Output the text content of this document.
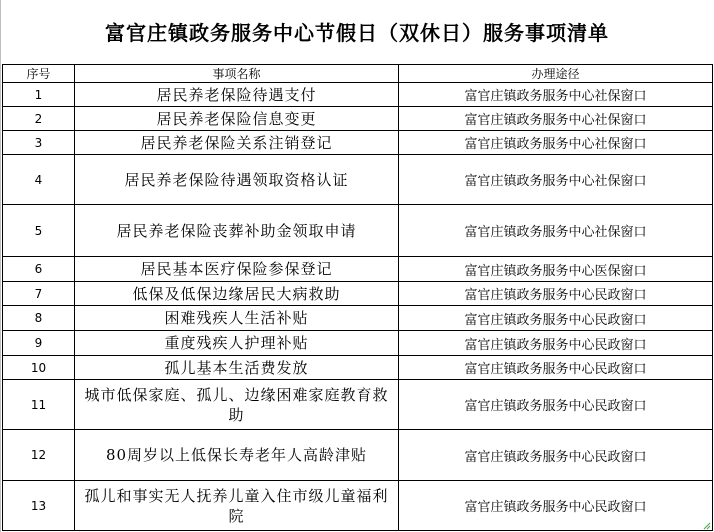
富官庄镇政务服务中心节假日（双休日）服务事项清单
序号	事项名称	办理途径
1	居民养老保险待遇支付	富官庄镇政务服务中心社保窗口
2	居民养老保险信息变更	富官庄镇政务服务中心社保窗口
3	居民养老保险关系注销登记	富官庄镇政务服务中心社保窗口
4	居民养老保险待遇领取资格认证	富官庄镇政务服务中心社保窗口
5	居民养老保险丧葬补助金领取申请	富官庄镇政务服务中心社保窗口
6	居民基本医疗保险参保登记	富官庄镇政务服务中心医保窗口
7	低保及低保边缘居民大病救助	富官庄镇政务服务中心民政窗口
8	困难残疾人生活补贴	富官庄镇政务服务中心民政窗口
9	重度残疾人护理补贴	富官庄镇政务服务中心民政窗口
10	孤儿基本生活费发放	富官庄镇政务服务中心民政窗口
11	城市低保家庭、孤儿、边缘困难家庭教育救助	富官庄镇政务服务中心民政窗口
12	80周岁以上低保长寿老年人高龄津贴	富官庄镇政务服务中心民政窗口
13	孤儿和事实无人抚养儿童入住市级儿童福利院	富官庄镇政务服务中心民政窗口
